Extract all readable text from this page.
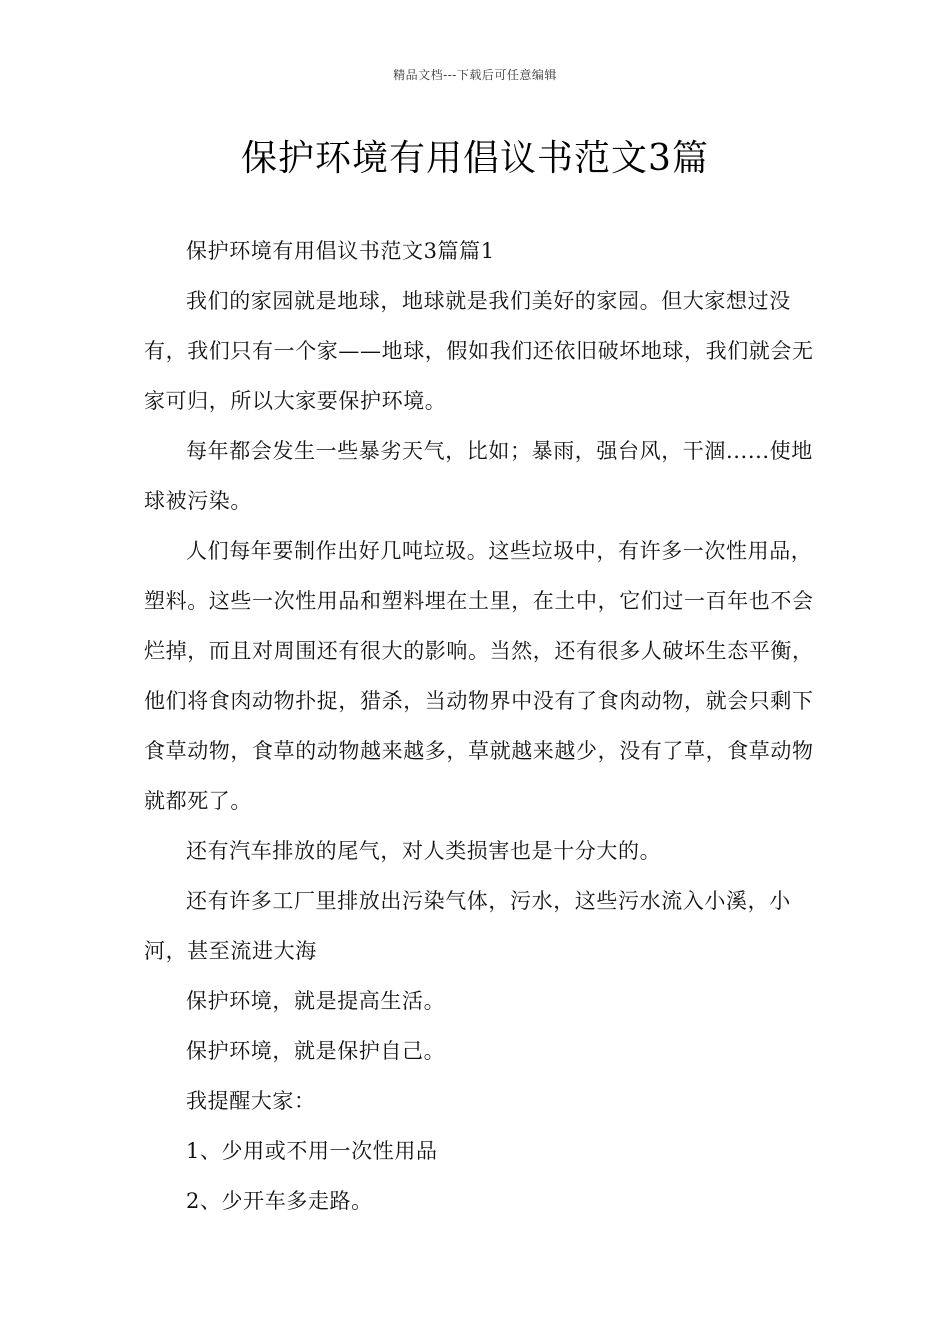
精品文档---下载后可任意编辑
保护环境有用倡议书范文3篇

保护环境有用倡议书范文3篇篇1

我们的家园就是地球，地球就是我们美好的家园。但大家想过没有，我们只有一个家——地球，假如我们还依旧破坏地球，我们就会无家可归，所以大家要保护环境。

每年都会发生一些暴劣天气，比如；暴雨，强台风，干涸......使地球被污染。

人们每年要制作出好几吨垃圾。这些垃圾中，有许多一次性用品，塑料。这些一次性用品和塑料埋在土里，在土中，它们过一百年也不会烂掉，而且对周围还有很大的影响。当然，还有很多人破坏生态平衡，他们将食肉动物扑捉，猎杀，当动物界中没有了食肉动物，就会只剩下食草动物，食草的动物越来越多，草就越来越少，没有了草，食草动物就都死了。

还有汽车排放的尾气，对人类损害也是十分大的。

还有许多工厂里排放出污染气体，污水，这些污水流入小溪，小河，甚至流进大海

保护环境，就是提高生活。

保护环境，就是保护自己。

我提醒大家：

1、少用或不用一次性用品

2、少开车多走路。
